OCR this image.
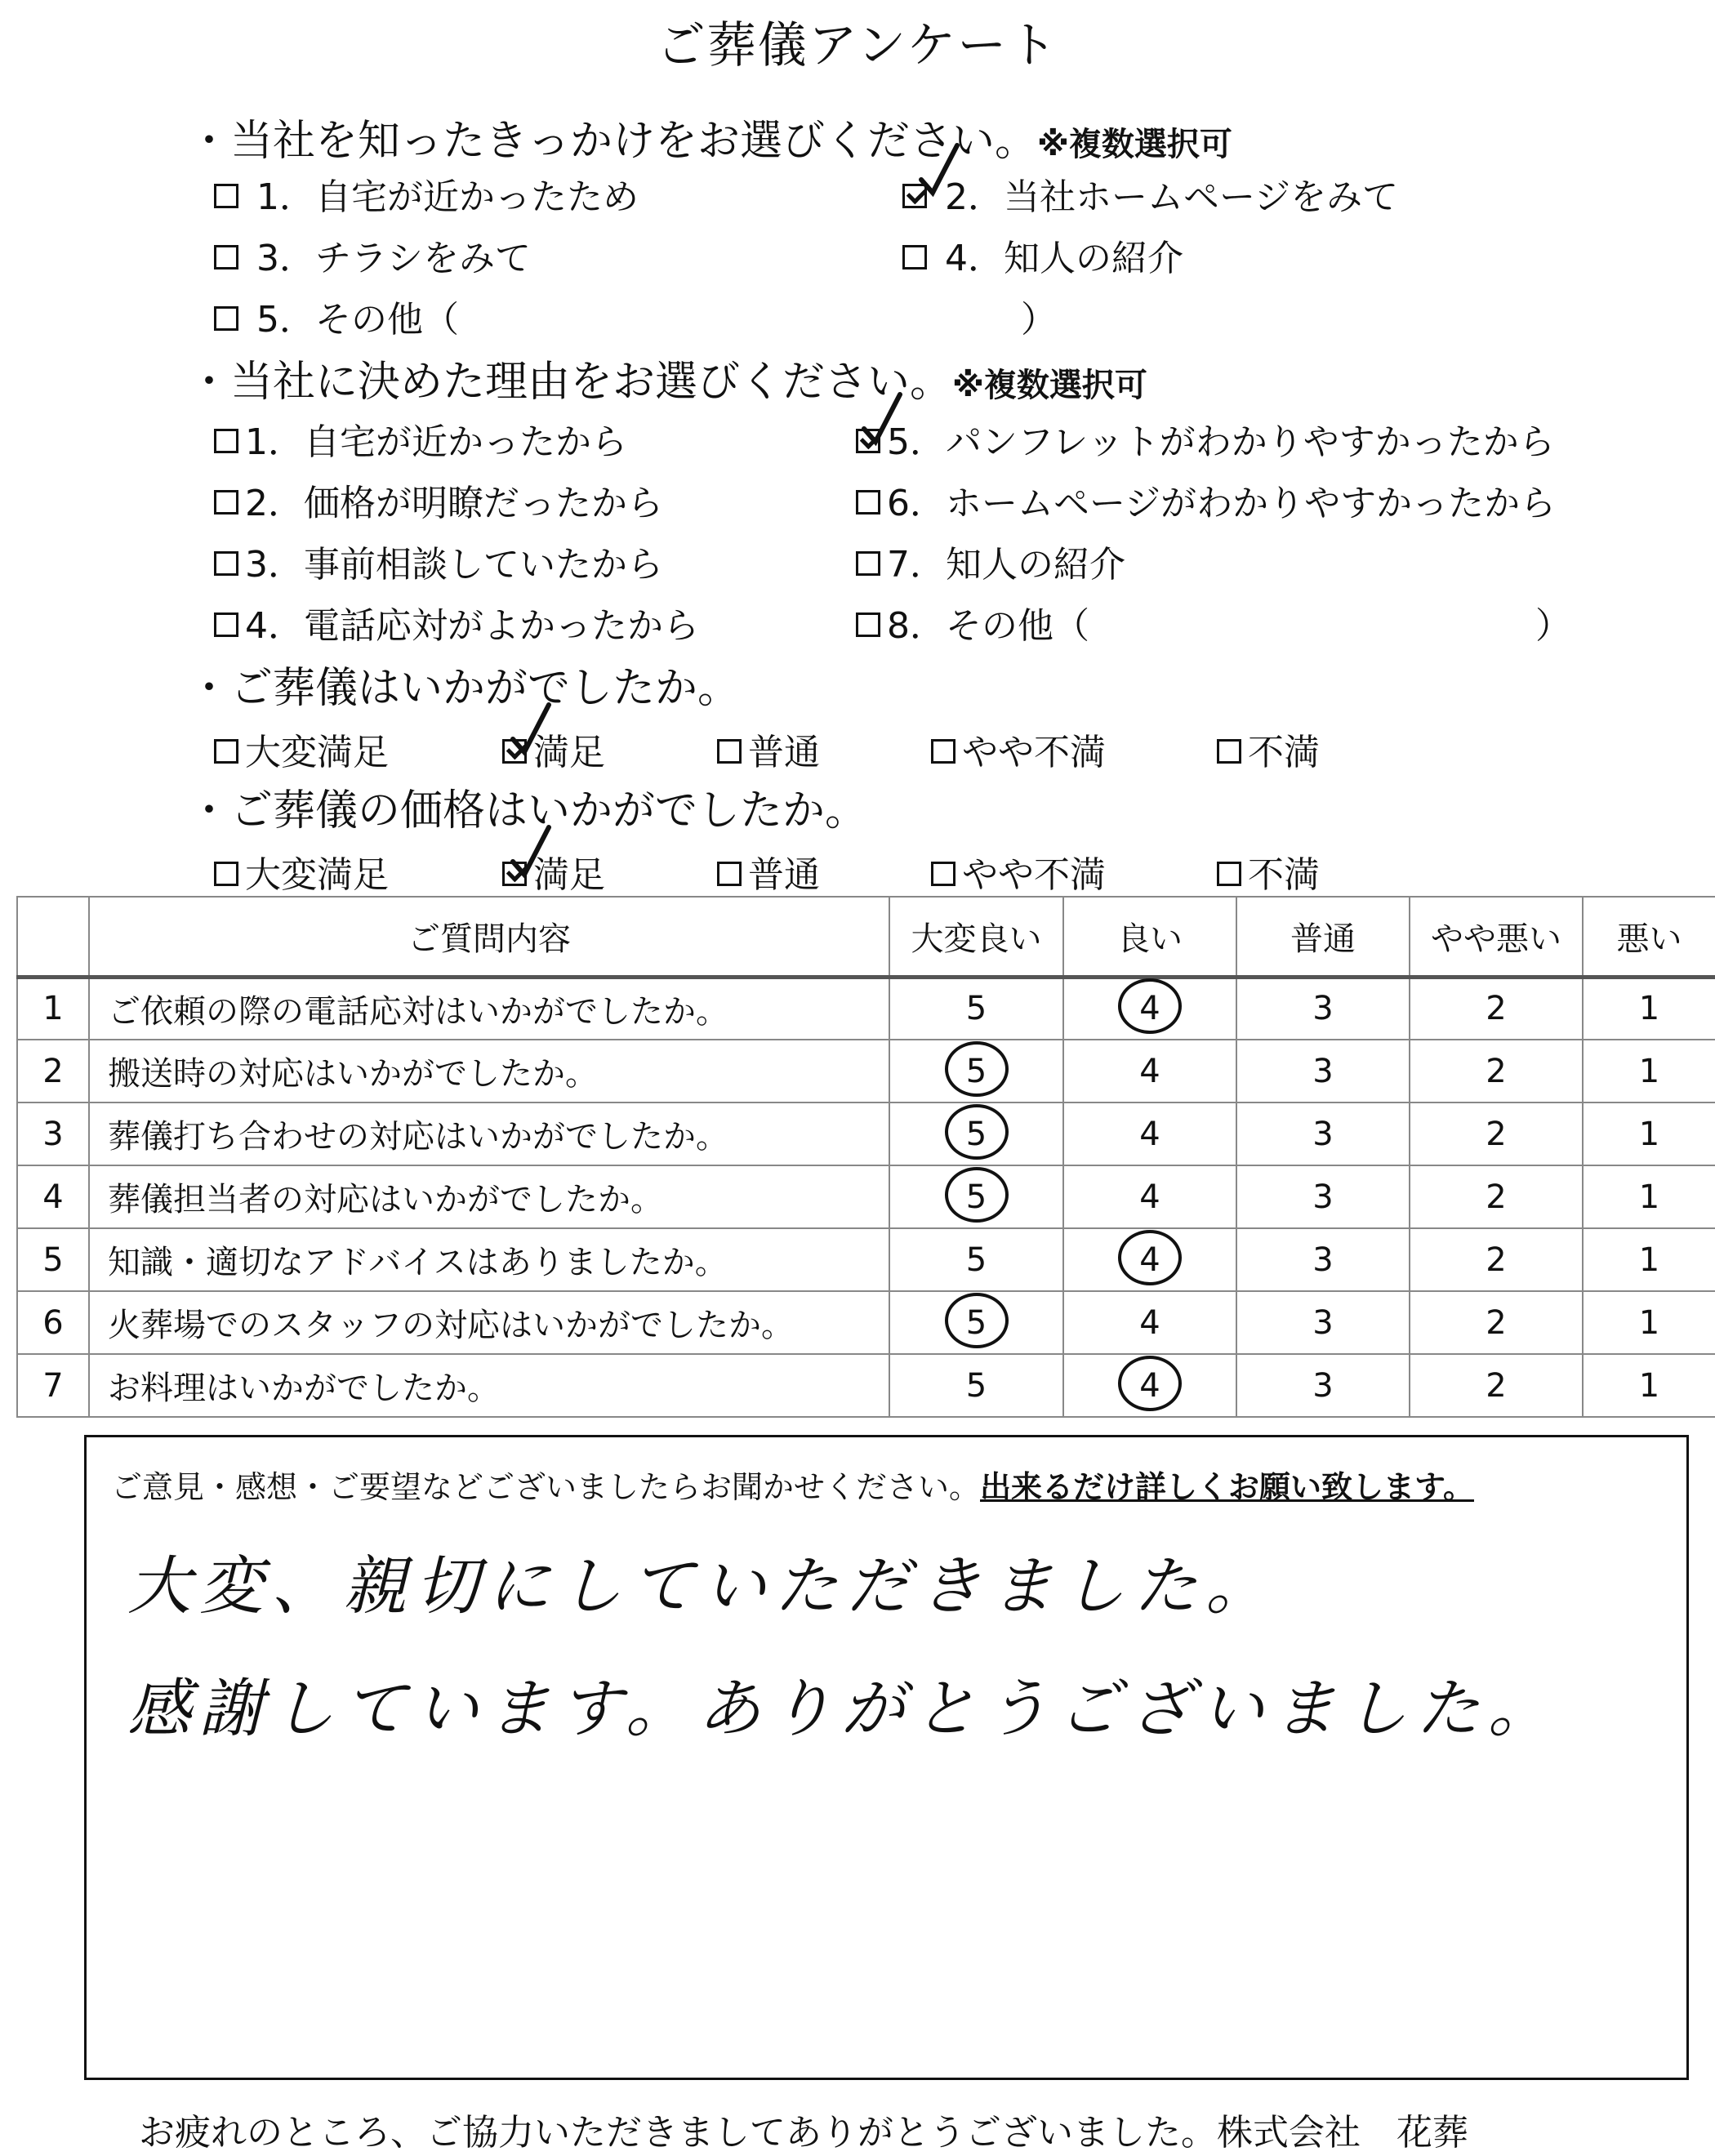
ご葬儀アンケート
・当社を知ったきっかけをお選びください。※複数選択可
1．自宅が近かったため	2．当社ホームページをみて
3．チラシをみて	4．知人の紹介
5．その他（	）
・当社に決めた理由をお選びください。※複数選択可
1．自宅が近かったから
2．価格が明瞭だったから
3．事前相談していたから
4．電話応対がよかったから
5．パンフレットがわかりやすかったから
6．ホームページがわかりやすかったから
7．知人の紹介
8．その他（	）
・ご葬儀はいかがでしたか。
大変満足	満足	普通	やや不満	不満
・ご葬儀の価格はいかがでしたか。
大変満足	満足	普通	やや不満	不満
	ご質問内容	大変良い	良い	普通	やや悪い	悪い
1	ご依頼の際の電話応対はいかがでしたか。	5	4	3	2	1
2	搬送時の対応はいかがでしたか。	5	4	3	2	1
3	葬儀打ち合わせの対応はいかがでしたか。	5	4	3	2	1
4	葬儀担当者の対応はいかがでしたか。	5	4	3	2	1
5	知識・適切なアドバイスはありましたか。	5	4	3	2	1
6	火葬場でのスタッフの対応はいかがでしたか。	5	4	3	2	1
7	お料理はいかがでしたか。	5	4	3	2	1
ご意見・感想・ご要望などございましたらお聞かせください。出来るだけ詳しくお願い致します。
大変、親切にしていただきました。
感謝しています。ありがとうございました。
お疲れのところ、ご協力いただきましてありがとうございました。株式会社　花葬
